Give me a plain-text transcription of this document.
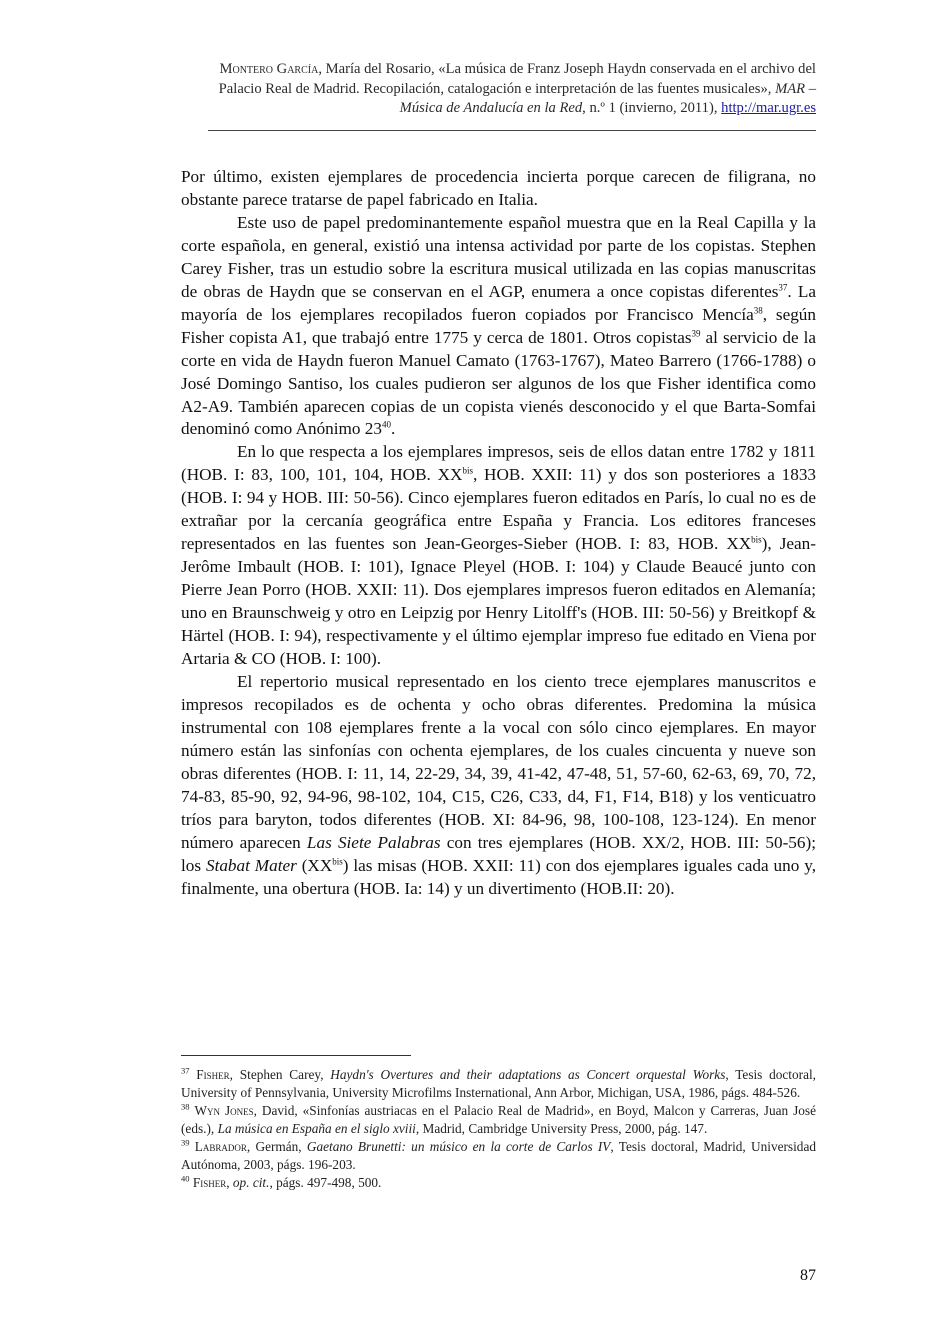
Montero García, María del Rosario, «La música de Franz Joseph Haydn conservada en el archivo del Palacio Real de Madrid. Recopilación, catalogación e interpretación de las fuentes musicales», MAR – Música de Andalucía en la Red, n.º 1 (invierno, 2011), http://mar.ugr.es

Por último, existen ejemplares de procedencia incierta porque carecen de filigrana, no obstante parece tratarse de papel fabricado en Italia.

Este uso de papel predominantemente español muestra que en la Real Capilla y la corte española, en general, existió una intensa actividad por parte de los copistas. Stephen Carey Fisher, tras un estudio sobre la escritura musical utilizada en las copias manuscritas de obras de Haydn que se conservan en el AGP, enumera a once copistas diferentes$^{37}$. La mayoría de los ejemplares recopilados fueron copiados por Francisco Mencía$^{38}$, según Fisher copista A1, que trabajó entre 1775 y cerca de 1801. Otros copistas$^{39}$ al servicio de la corte en vida de Haydn fueron Manuel Camato (1763-1767), Mateo Barrero (1766-1788) o José Domingo Santiso, los cuales pudieron ser algunos de los que Fisher identifica como A2-A9. También aparecen copias de un copista vienés desconocido y el que Barta-Somfai denominó como Anónimo $23^{40}$.

En lo que respecta a los ejemplares impresos, seis de ellos datan entre 1782 y 1811 (HOB. I: 83, 100, 101, 104, HOB. $XX^{bis}$, HOB. XXII: 11) y dos son posteriores a 1833 (HOB. I: 94 y HOB. III: 50-56). Cinco ejemplares fueron editados en París, lo cual no es de extrañar por la cercanía geográfica entre España y Francia. Los editores franceses representados en las fuentes son Jean-Georges-Sieber (HOB. I: 83, HOB. $XX^{bis}$), Jean-Jerôme Imbault (HOB. I: 101), Ignace Pleyel (HOB. I: 104) y Claude Beaucé junto con Pierre Jean Porro (HOB. XXII: 11). Dos ejemplares impresos fueron editados en Alemanía; uno en Braunschweig y otro en Leipzig por Henry Litolff's (HOB. III: 50-56) y Breitkopf & Härtel (HOB. I: 94), respectivamente y el último ejemplar impreso fue editado en Viena por Artaria & CO (HOB. I: 100).

El repertorio musical representado en los ciento trece ejemplares manuscritos e impresos recopilados es de ochenta y ocho obras diferentes. Predomina la música instrumental con 108 ejemplares frente a la vocal con sólo cinco ejemplares. En mayor número están las sinfonías con ochenta ejemplares, de los cuales cincuenta y nueve son obras diferentes (HOB. I: 11, 14, 22-29, 34, 39, 41-42, 47-48, 51, 57-60, 62-63, 69, 70, 72, 74-83, 85-90, 92, 94-96, 98-102, 104, C15, C26, C33, d4, F1, F14, B18) y los venticuatro tríos para baryton, todos diferentes (HOB. XI: 84-96, 98, 100-108, 123-124). En menor número aparecen Las Siete Palabras con tres ejemplares (HOB. XX/2, HOB. III: 50-56); los Stabat Mater $(XX^{bis})$ las misas (HOB. XXII: 11) con dos ejemplares iguales cada uno y, finalmente, una obertura (HOB. Ia: 14) y un divertimento (HOB.II: 20).

$^{37}$ Fisher, Stephen Carey, Haydn's Overtures and their adaptations as Concert orquestal Works, Tesis doctoral, University of Pennsylvania, University Microfilms Insternational, Ann Arbor, Michigan, USA, 1986, págs. 484-526.

$^{38}$ Wyn Jones, David, «Sinfonías austriacas en el Palacio Real de Madrid», en Boyd, Malcon y Carreras, Juan José (eds.), La música en España en el siglo xviii, Madrid, Cambridge University Press, 2000, pág. 147.

$^{39}$ Labrador, Germán, Gaetano Brunetti: un músico en la corte de Carlos IV, Tesis doctoral, Madrid, Universidad Autónoma, 2003, págs. 196-203.

$^{40}$ Fisher, op. cit., págs. 497-498, 500.

87
